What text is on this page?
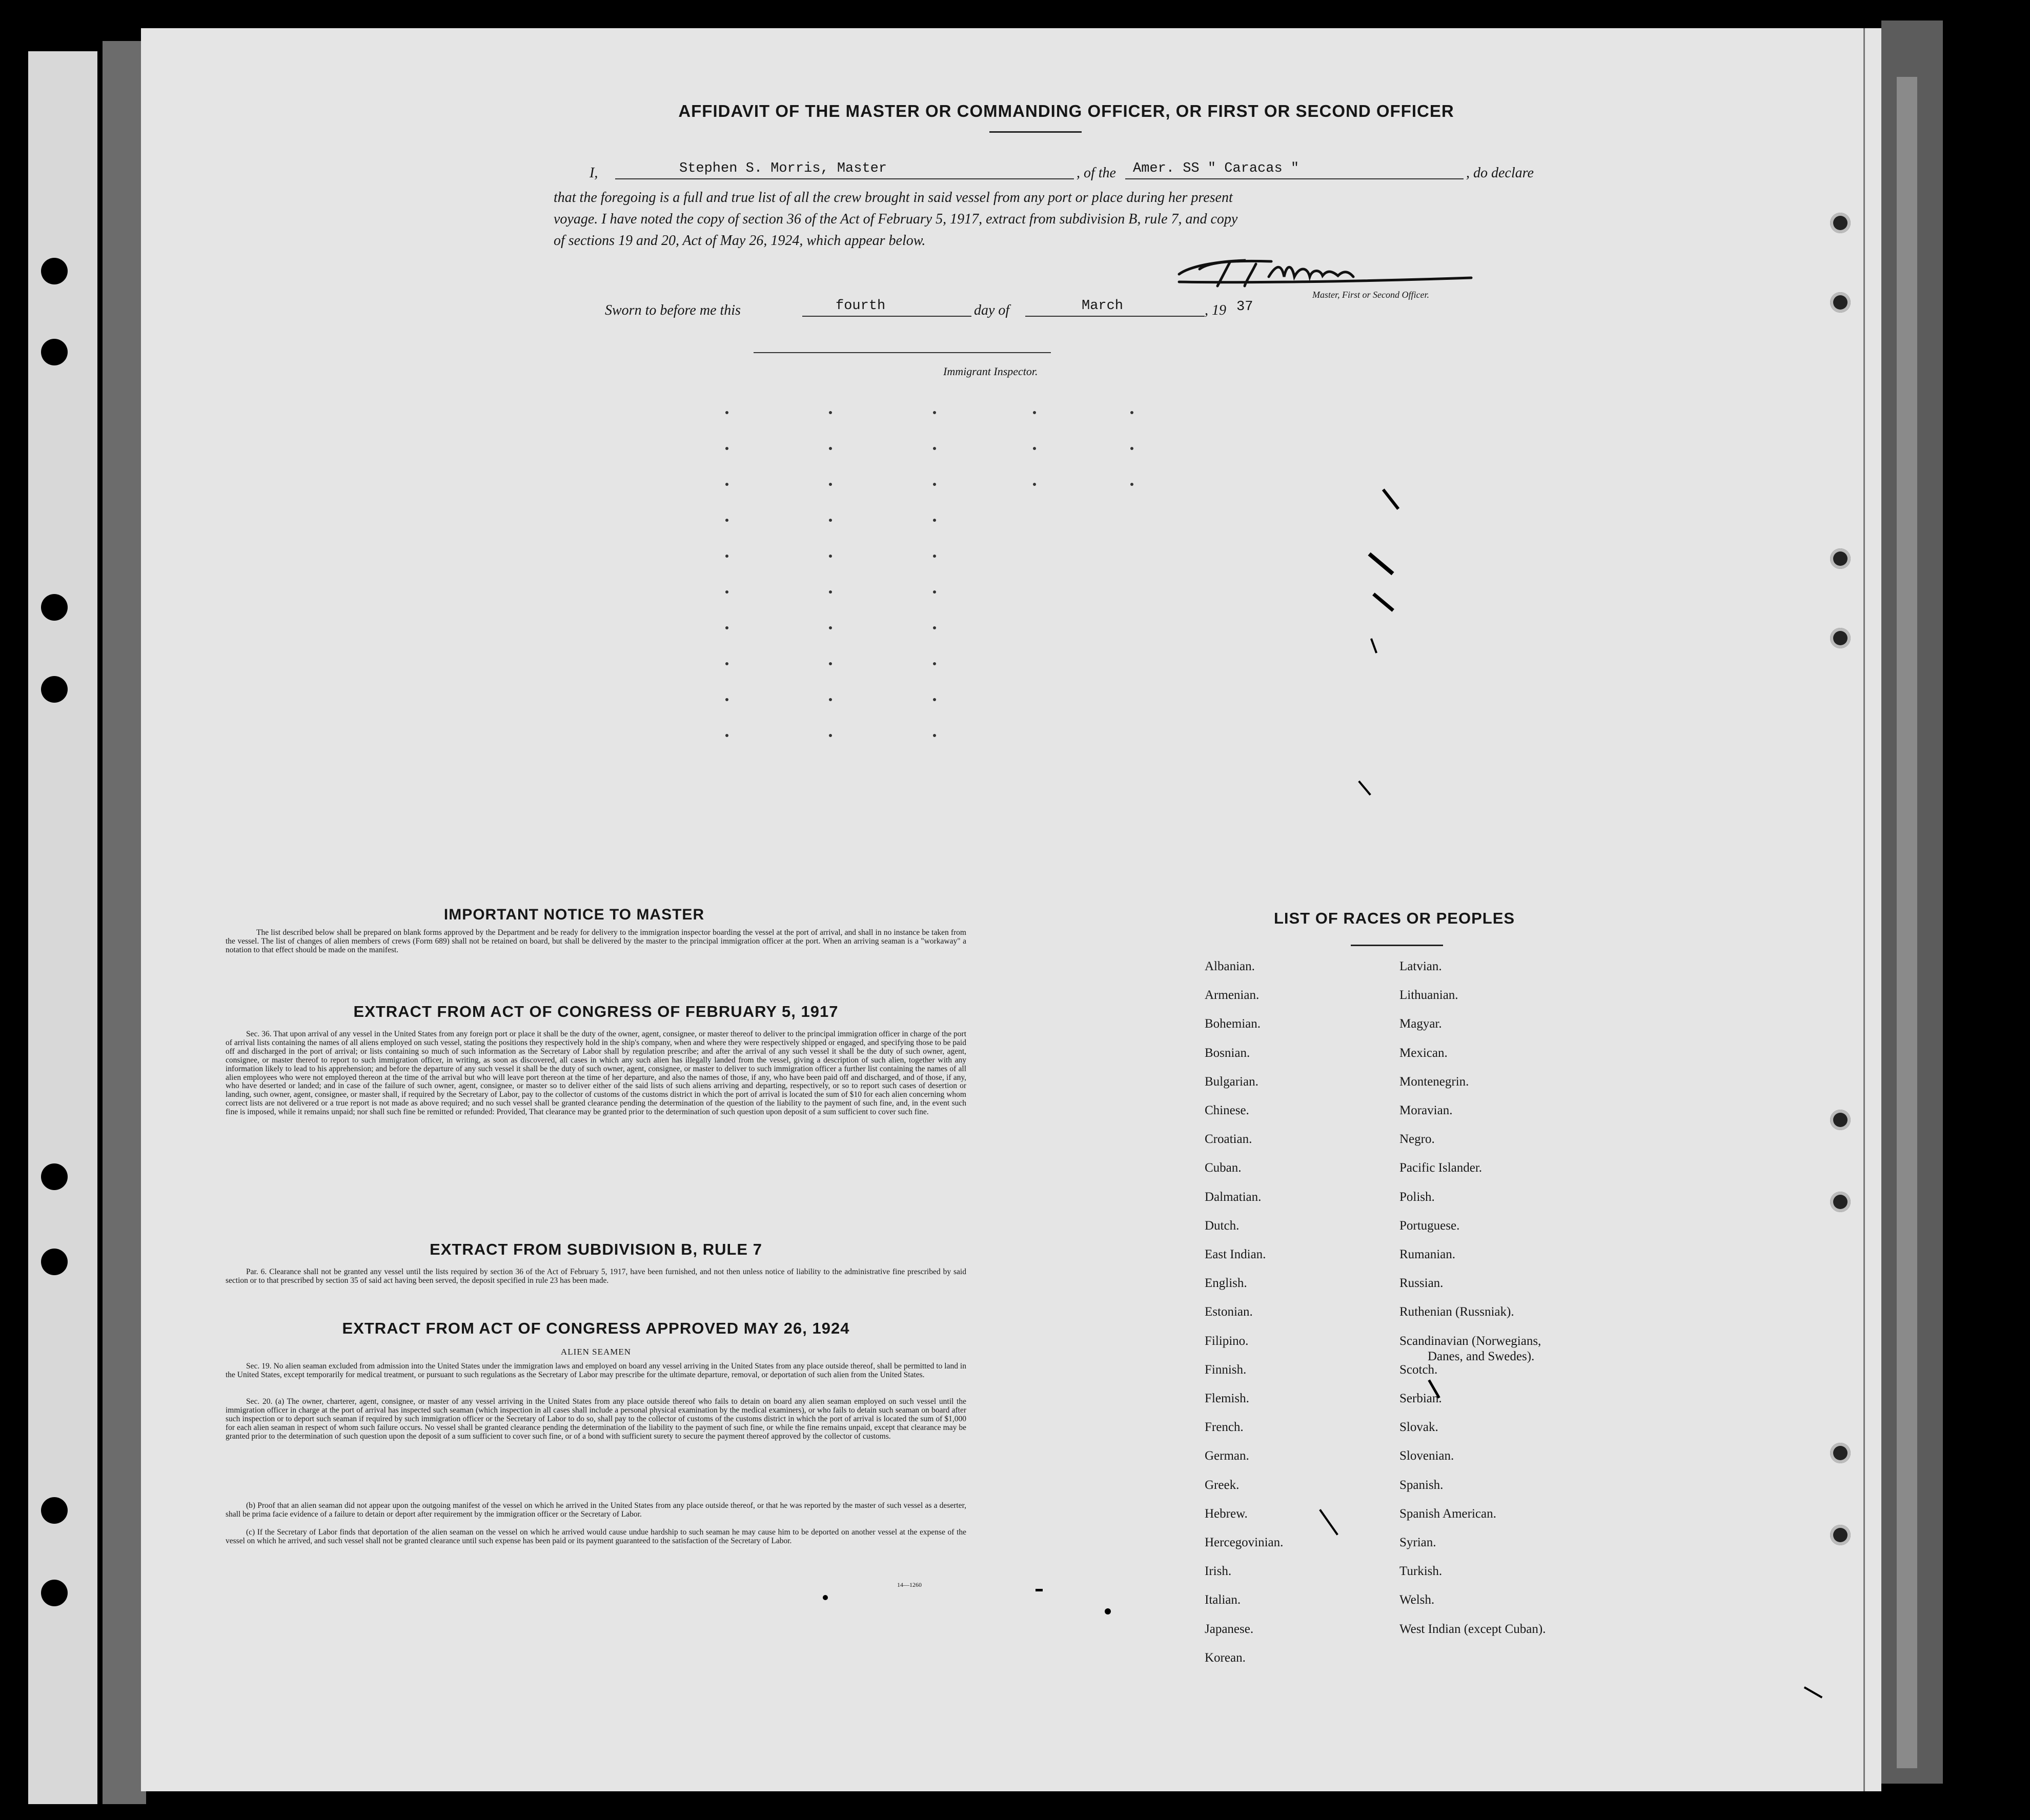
AFFIDAVIT OF THE MASTER OR COMMANDING OFFICER, OR FIRST OR SECOND OFFICER
I,	Stephen S. Morris, Master	, of the Amer. SS " Caracas "	, do declare
that the foregoing is a full and true list of all the crew brought in said vessel from any port or place during her present
voyage. I have noted the copy of section 36 of the Act of February 5, 1917, extract from subdivision B, rule 7, and copy
of sections 19 and 20, Act of May 26, 1924, which appear below.
Master, First or Second Officer.
Sworn to before me this	fourth	day of	March	, 19 37
Immigrant Inspector.
IMPORTANT NOTICE TO MASTER
The list described below shall be prepared on blank forms approved by the Department and be ready for delivery to the immigration inspector boarding the vessel at the port of arrival, and shall in no instance be taken from the vessel. The list of changes of alien members of crews (Form 689) shall not be retained on board, but shall be delivered by the master to the principal immigration officer at the port. When an arriving seaman is a "workaway" a notation to that effect should be made on the manifest.
EXTRACT FROM ACT OF CONGRESS OF FEBRUARY 5, 1917
Sec. 36. That upon arrival of any vessel in the United States from any foreign port or place it shall be the duty of the owner, agent, consignee, or master thereof to deliver to the principal immigration officer in charge of the port of arrival lists containing the names of all aliens employed on such vessel, stating the positions they respectively hold in the ship's company, when and where they were respectively shipped or engaged, and specifying those to be paid off and discharged in the port of arrival; or lists containing so much of such information as the Secretary of Labor shall by regulation prescribe; and after the arrival of any such vessel it shall be the duty of such owner, agent, consignee, or master thereof to report to such immigration officer, in writing, as soon as discovered, all cases in which any such alien has illegally landed from the vessel, giving a description of such alien, together with any information likely to lead to his apprehension; and before the departure of any such vessel it shall be the duty of such owner, agent, consignee, or master to deliver to such immigration officer a further list containing the names of all alien employees who were not employed thereon at the time of the arrival but who will leave port thereon at the time of her departure, and also the names of those, if any, who have been paid off and discharged, and of those, if any, who have deserted or landed; and in case of the failure of such owner, agent, consignee, or master so to deliver either of the said lists of such aliens arriving and departing, respectively, or so to report such cases of desertion or landing, such owner, agent, consignee, or master shall, if required by the Secretary of Labor, pay to the collector of customs of the customs district in which the port of arrival is located the sum of $10 for each alien concerning whom correct lists are not delivered or a true report is not made as above required; and no such vessel shall be granted clearance pending the determination of the question of the liability to the payment of such fine, and, in the event such fine is imposed, while it remains unpaid; nor shall such fine be remitted or refunded: Provided, That clearance may be granted prior to the determination of such question upon deposit of a sum sufficient to cover such fine.
EXTRACT FROM SUBDIVISION B, RULE 7
Par. 6. Clearance shall not be granted any vessel until the lists required by section 36 of the Act of February 5, 1917, have been furnished, and not then unless notice of liability to the administrative fine prescribed by said section or to that prescribed by section 35 of said act having been served, the deposit specified in rule 23 has been made.
EXTRACT FROM ACT OF CONGRESS APPROVED MAY 26, 1924
ALIEN SEAMEN
Sec. 19. No alien seaman excluded from admission into the United States under the immigration laws and employed on board any vessel arriving in the United States from any place outside thereof, shall be permitted to land in the United States, except temporarily for medical treatment, or pursuant to such regulations as the Secretary of Labor may prescribe for the ultimate departure, removal, or deportation of such alien from the United States.
Sec. 20. (a) The owner, charterer, agent, consignee, or master of any vessel arriving in the United States from any place outside thereof who fails to detain on board any alien seaman employed on such vessel until the immigration officer in charge at the port of arrival has inspected such seaman (which inspection in all cases shall include a personal physical examination by the medical examiners), or who fails to detain such seaman on board after such inspection or to deport such seaman if required by such immigration officer or the Secretary of Labor to do so, shall pay to the collector of customs of the customs district in which the port of arrival is located the sum of $1,000 for each alien seaman in respect of whom such failure occurs. No vessel shall be granted clearance pending the determination of the liability to the payment of such fine, or while the fine remains unpaid, except that clearance may be granted prior to the determination of such question upon the deposit of a sum sufficient to cover such fine, or of a bond with sufficient surety to secure the payment thereof approved by the collector of customs.
(b) Proof that an alien seaman did not appear upon the outgoing manifest of the vessel on which he arrived in the United States from any place outside thereof, or that he was reported by the master of such vessel as a deserter, shall be prima facie evidence of a failure to detain or deport after requirement by the immigration officer or the Secretary of Labor.
(c) If the Secretary of Labor finds that deportation of the alien seaman on the vessel on which he arrived would cause undue hardship to such seaman he may cause him to be deported on another vessel at the expense of the vessel on which he arrived, and such vessel shall not be granted clearance until such expense has been paid or its payment guaranteed to the satisfaction of the Secretary of Labor.
14—1260
LIST OF RACES OR PEOPLES
Albanian.
Armenian.
Bohemian.
Bosnian.
Bulgarian.
Chinese.
Croatian.
Cuban.
Dalmatian.
Dutch.
East Indian.
English.
Estonian.
Filipino.
Finnish.
Flemish.
French.
German.
Greek.
Hebrew.
Hercegovinian.
Irish.
Italian.
Japanese.
Korean.
Latvian.
Lithuanian.
Magyar.
Mexican.
Montenegrin.
Moravian.
Negro.
Pacific Islander.
Polish.
Portuguese.
Rumanian.
Russian.
Ruthenian (Russniak).
Scandinavian (Norwegians,
Danes, and Swedes).
Scotch.
Serbian.
Slovak.
Slovenian.
Spanish.
Spanish American.
Syrian.
Turkish.
Welsh.
West Indian (except Cuban).
